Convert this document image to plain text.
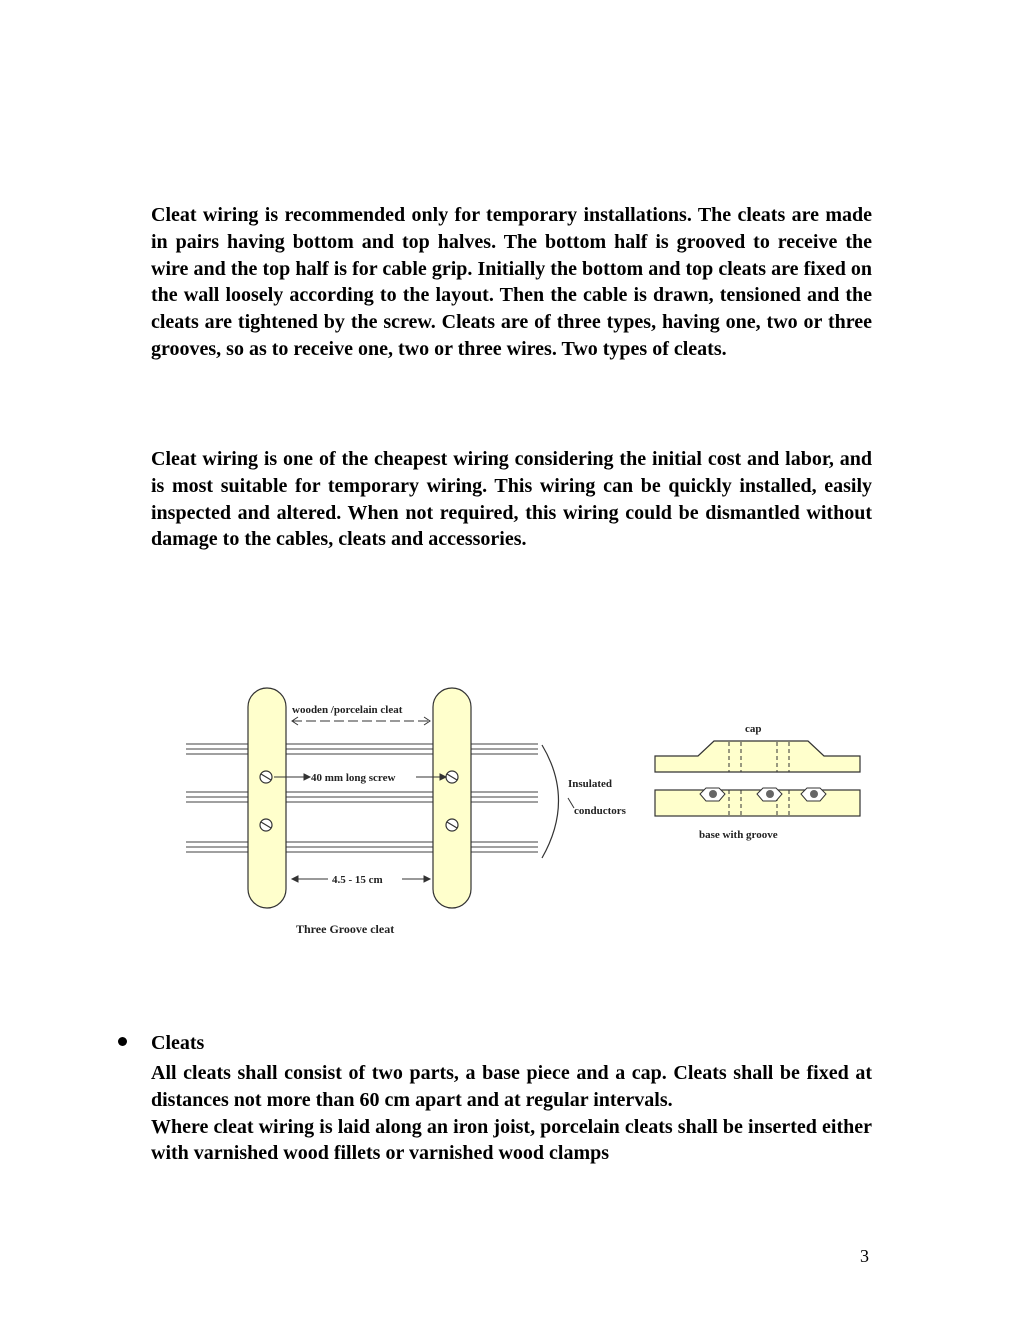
Cleat wiring is recommended only for temporary installations. The cleats are made in pairs having bottom and top halves. The bottom half is grooved to receive the wire and the top half is for cable grip. Initially the bottom and top cleats are fixed on the wall loosely according to the layout. Then the cable is drawn, tensioned and the cleats are tightened by the screw. Cleats are of three types, having one, two or three grooves, so as to receive one, two or three wires. Two types of cleats.

Cleat wiring is one of the cheapest wiring considering the initial cost and labor, and is most suitable for temporary wiring. This wiring can be quickly installed, easily inspected and altered. When not required, this wiring could be dismantled without damage to the cables, cleats and accessories.

wooden /porcelain cleat
40 mm long screw
4.5 - 15 cm
Three Groove cleat
Insulated
conductors
cap
base with groove

Cleats

All cleats shall consist of two parts, a base piece and a cap. Cleats shall be fixed at distances not more than 60 cm apart and at regular intervals.

Where cleat wiring is laid along an iron joist, porcelain cleats shall be inserted either with varnished wood fillets or varnished wood clamps

3
